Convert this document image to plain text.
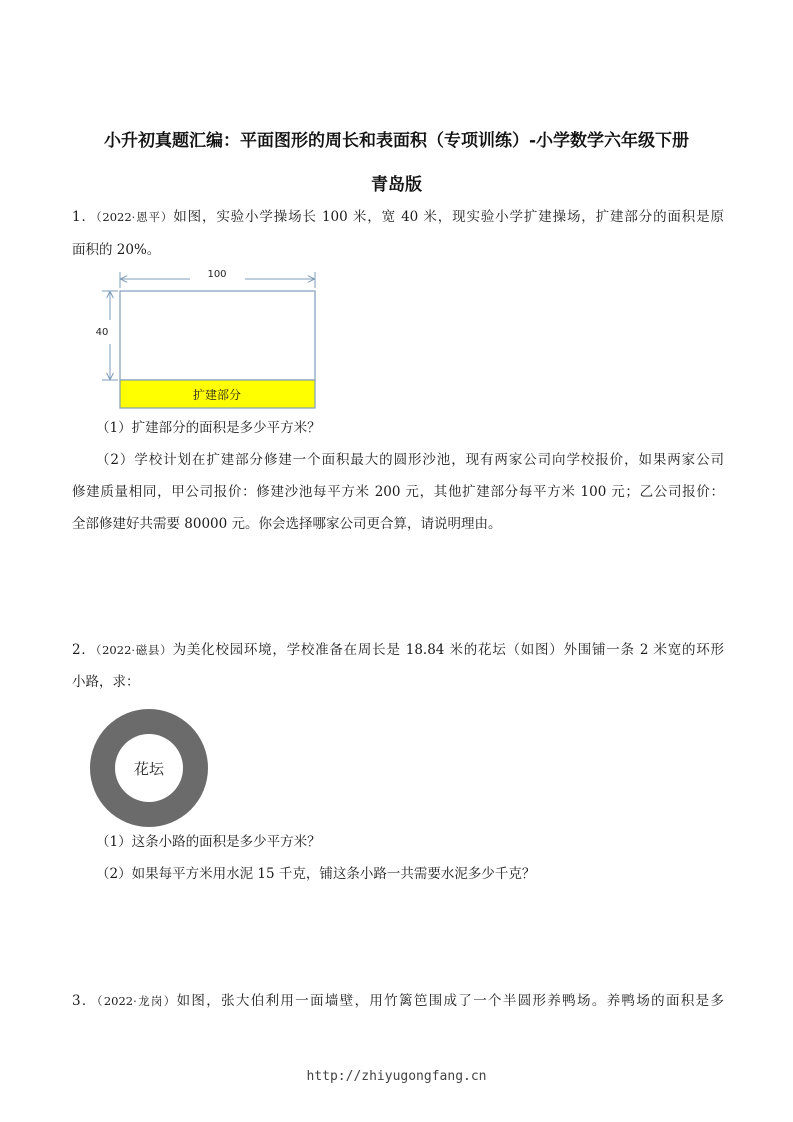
小升初真题汇编：平面图形的周长和表面积（专项训练）-小学数学六年级下册
青岛版
1．（2022·恩平）如图，实验小学操场长 100 米，宽 40 米，现实验小学扩建操场，扩建部分的面积是原
面积的 20%。
100
40
扩建部分
（1）扩建部分的面积是多少平方米？
（2）学校计划在扩建部分修建一个面积最大的圆形沙池，现有两家公司向学校报价，如果两家公司
修建质量相同，甲公司报价：修建沙池每平方米 200 元，其他扩建部分每平方米 100 元；乙公司报价：
全部修建好共需要 80000 元。你会选择哪家公司更合算，请说明理由。
2．（2022·磁县）为美化校园环境，学校准备在周长是 18.84 米的花坛（如图）外围铺一条 2 米宽的环形
小路，求：
花坛
（1）这条小路的面积是多少平方米？
（2）如果每平方米用水泥 15 千克，铺这条小路一共需要水泥多少千克？
3．（2022·龙岗）如图，张大伯利用一面墙壁，用竹篱笆围成了一个半圆形养鸭场。养鸭场的面积是多
http://zhiyugongfang.cn
